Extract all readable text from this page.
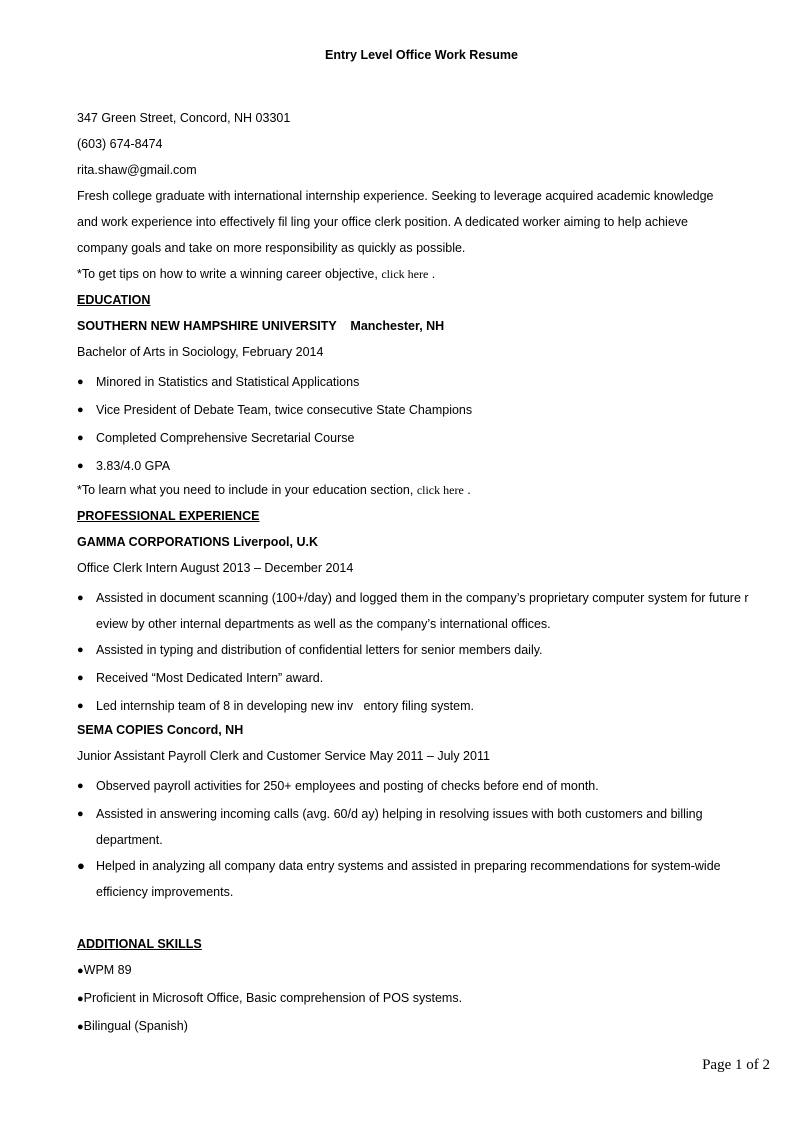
Entry Level Office Work Resume
347 Green Street, Concord, NH 03301
(603) 674-8474
rita.shaw@gmail.com
Fresh college graduate with international internship experience. Seeking to leverage acquired academic knowledge
and work experience into effectively fil ling your office clerk position. A dedicated worker aiming to help achieve
company goals and take on more responsibility as quickly as possible.
*To get tips on how to write a winning career objective, click here .
EDUCATION
SOUTHERN NEW HAMPSHIRE UNIVERSITY    Manchester, NH
Bachelor of Arts in Sociology, February 2014
● Minored in Statistics and Statistical Applications
● Vice President of Debate Team, twice consecutive State Champions
● Completed Comprehensive Secretarial Course
● 3.83/4.0 GPA
*To learn what you need to include in your education section, click here .
PROFESSIONAL EXPERIENCE
GAMMA CORPORATIONS Liverpool, U.K
Office Clerk Intern August 2013 – December 2014
● Assisted in document scanning (100+/day) and logged them in the company’s proprietary computer system for future r eview by other internal departments as well as the company’s international offices.
● Assisted in typing and distribution of confidential letters for senior members daily.
● Received “Most Dedicated Intern” award.
● Led internship team of 8 in developing new inv   entory filing system.
SEMA COPIES Concord, NH
Junior Assistant Payroll Clerk and Customer Service May 2011 – July 2011
● Observed payroll activities for 250+ employees and posting of checks before end of month.
● Assisted in answering incoming calls (avg. 60/d ay) helping in resolving issues with both customers and billing department.
● Helped in analyzing all company data entry systems and assisted in preparing recommendations for system-wide efficiency improvements.
ADDITIONAL SKILLS
●WPM 89
●Proficient in Microsoft Office, Basic comprehension of POS systems.
●Bilingual (Spanish)
Page 1 of 2
